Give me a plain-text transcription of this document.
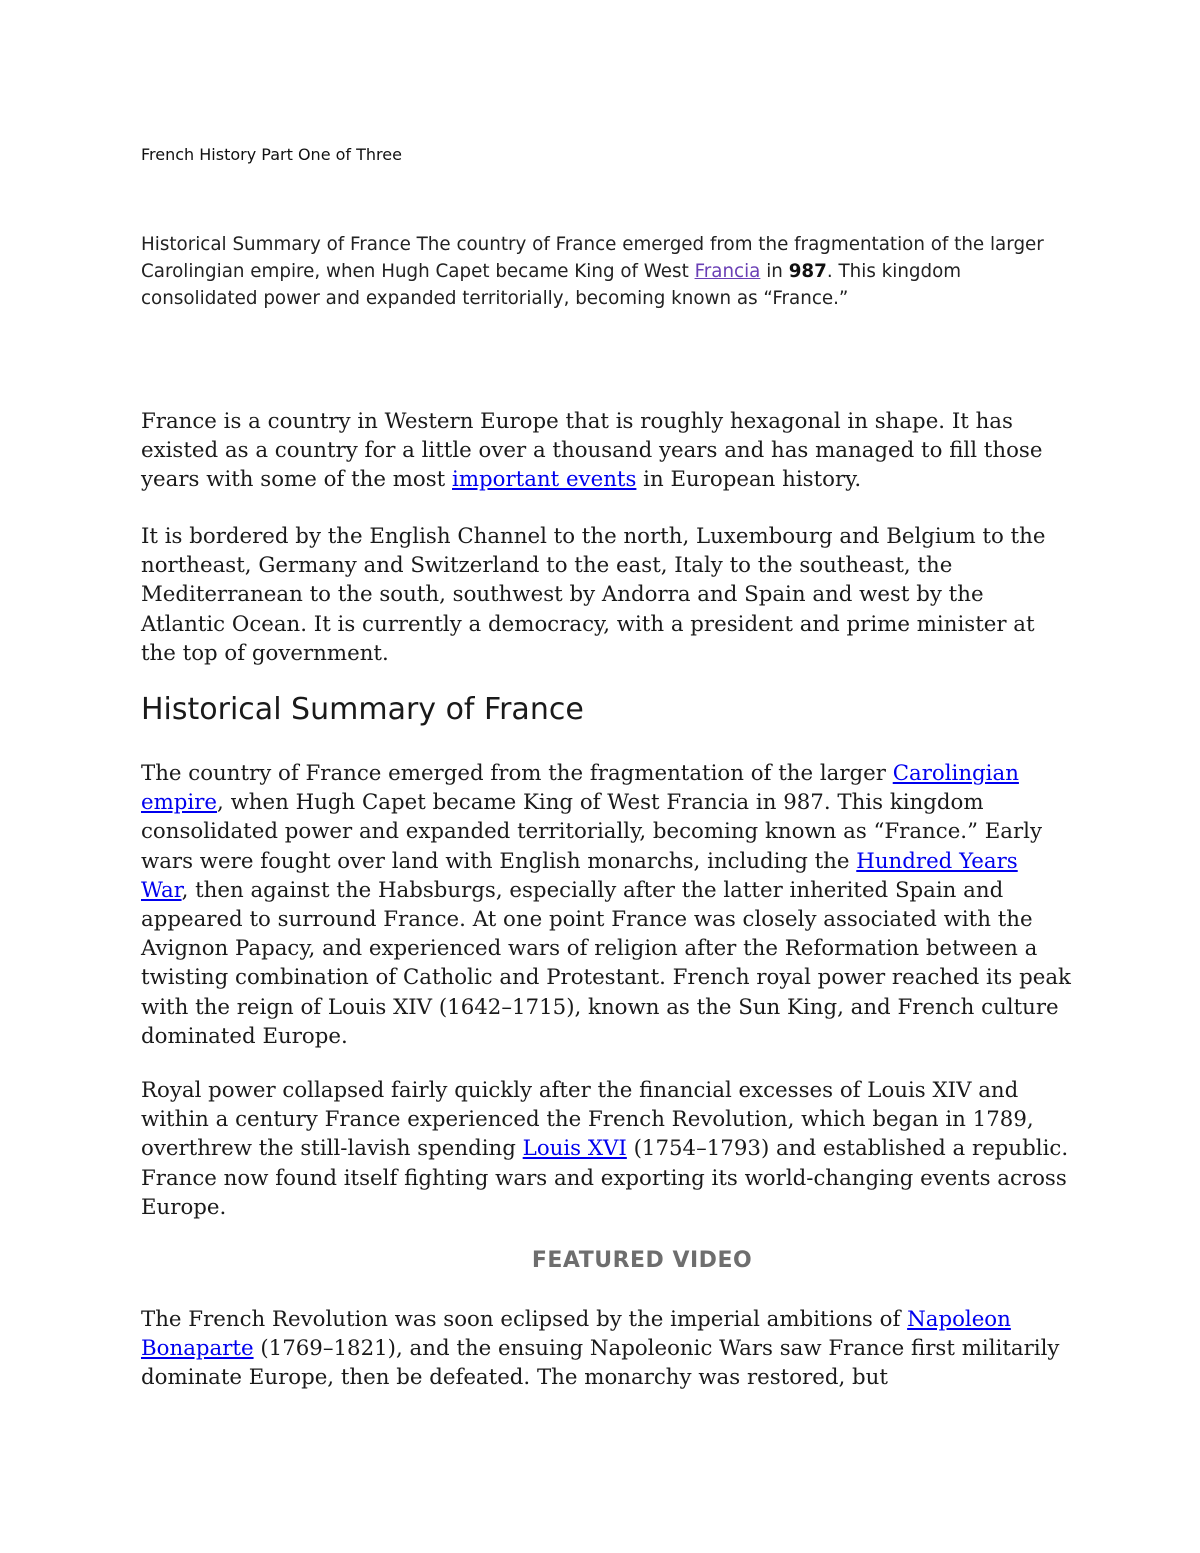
French History Part One of Three

Historical Summary of France The country of France emerged from the fragmentation of the larger Carolingian empire, when Hugh Capet became King of West Francia in 987. This kingdom consolidated power and expanded territorially, becoming known as “France.”

France is a country in Western Europe that is roughly hexagonal in shape. It has existed as a country for a little over a thousand years and has managed to fill those years with some of the most important events in European history.

It is bordered by the English Channel to the north, Luxembourg and Belgium to the northeast, Germany and Switzerland to the east, Italy to the southeast, the Mediterranean to the south, southwest by Andorra and Spain and west by the Atlantic Ocean. It is currently a democracy, with a president and prime minister at the top of government.

Historical Summary of France

The country of France emerged from the fragmentation of the larger Carolingian empire, when Hugh Capet became King of West Francia in 987. This kingdom consolidated power and expanded territorially, becoming known as “France.” Early wars were fought over land with English monarchs, including the Hundred Years War, then against the Habsburgs, especially after the latter inherited Spain and appeared to surround France. At one point France was closely associated with the Avignon Papacy, and experienced wars of religion after the Reformation between a twisting combination of Catholic and Protestant. French royal power reached its peak with the reign of Louis XIV (1642–1715), known as the Sun King, and French culture dominated Europe.

Royal power collapsed fairly quickly after the financial excesses of Louis XIV and within a century France experienced the French Revolution, which began in 1789, overthrew the still-lavish spending Louis XVI (1754–1793) and established a republic. France now found itself fighting wars and exporting its world-changing events across Europe.

FEATURED VIDEO

The French Revolution was soon eclipsed by the imperial ambitions of Napoleon Bonaparte (1769–1821), and the ensuing Napoleonic Wars saw France first militarily dominate Europe, then be defeated. The monarchy was restored, but
